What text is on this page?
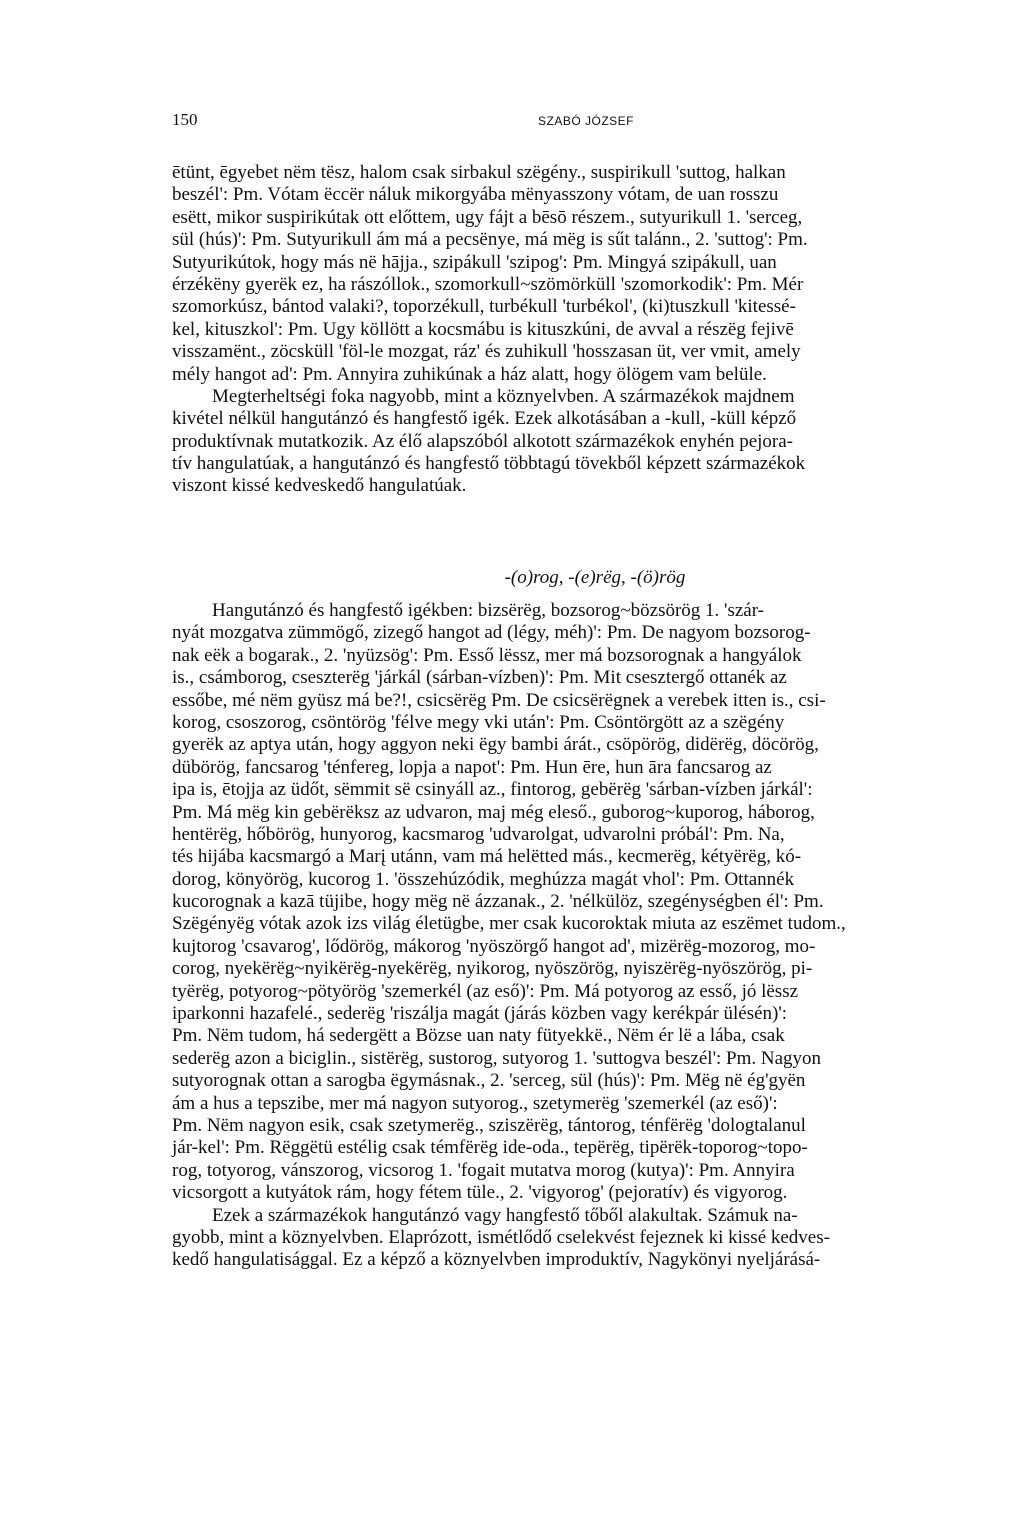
150	SZABÓ JÓZSEF
ētünt, ēgyebet nëm tësz, halom csak sirbakul szëgény., suspirikull 'suttog, halkan
beszél': Pm. Vótam ëccër náluk mikorgyába mënyasszony vótam, de uan rosszu
esëtt, mikor suspirikútak ott előttem, ugy fájt a bēsō részem., sutyurikull 1. 'serceg,
sül (hús)': Pm. Sutyurikull ám má a pecsënye, má mëg is sűt talánn., 2. 'suttog': Pm.
Sutyurikútok, hogy más në hājja., szipákull 'szipog': Pm. Mingyá szipákull, uan
érzékëny gyerëk ez, ha rászóllok., szomorkull~szömörküll 'szomorkodik': Pm. Mér
szomorkúsz, bántod valaki?, toporzékull, turbékull 'turbékol', (ki)tuszkull 'kitessé-
kel, kituszkol': Pm. Ugy köllött a kocsmábu is kituszkúni, de avval a részëg fejivē
visszamënt., zöcsküll 'föl-le mozgat, ráz' és zuhikull 'hosszasan üt, ver vmit, amely
mély hangot ad': Pm. Annyira zuhikúnak a ház alatt, hogy ölögem vam belüle.
Megterheltségi foka nagyobb, mint a köznyelvben. A származékok majdnem
kivétel nélkül hangutánzó és hangfestő igék. Ezek alkotásában a -kull, -küll képző
produktívnak mutatkozik. Az élő alapszóból alkotott származékok enyhén pejora-
tív hangulatúak, a hangutánzó és hangfestő többtagú tövekből képzett származékok
viszont kissé kedveskedő hangulatúak.
-(o)rog, -(e)rëg, -(ö)rög
Hangutánzó és hangfestő igékben: bizsërëg, bozsorog~bözsörög 1. 'szár-
nyát mozgatva zümmögő, zizegő hangot ad (légy, méh)': Pm. De nagyom bozsorog-
nak eëk a bogarak., 2. 'nyüzsög': Pm. Esső lëssz, mer má bozsorognak a hangyálok
is., csámborog, cseszterëg 'járkál (sárban-vízben)': Pm. Mit csesztergő ottanék az
essőbe, mé nëm gyüsz má be?!, csicsërëg Pm. De csicsërëgnek a verebek itten is., csi-
korog, csoszorog, csöntörög 'félve megy vki után': Pm. Csöntörgött az a szëgény
gyerëk az aptya után, hogy aggyon neki ëgy bambi árát., csöpörög, didërëg, döcörög,
dübörög, fancsarog 'ténfereg, lopja a napot': Pm. Hun ēre, hun āra fancsarog az
ipa is, ētojja az üdőt, sëmmit së csinyáll az., fintorog, gebërëg 'sárban-vízben járkál':
Pm. Má mëg kin gebërëksz az udvaron, maj még eleső., guborog~kuporog, háborog,
hentërëg, hőbörög, hunyorog, kacsmarog 'udvarolgat, udvarolni próbál': Pm. Na,
tés hijába kacsmargó a Marį utánn, vam má helëtted más., kecmerëg, kétyërëg, kó-
dorog, könyörög, kucorog 1. 'összehúzódik, meghúzza magát vhol': Pm. Ottannék
kucorognak a kazā tüjibe, hogy mëg në ázzanak., 2. 'nélkülöz, szegénységben él': Pm.
Szëgényëg vótak azok izs világ életügbe, mer csak kucoroktak miuta az eszëmet tudom.,
kujtorog 'csavarog', lődörög, mákorog 'nyöszörgő hangot ad', mizërëg-mozorog, mo-
corog, nyekërëg~nyikërëg-nyekërëg, nyikorog, nyöszörög, nyiszërëg-nyöszörög, pi-
tyërëg, potyorog~pötyörög 'szemerkél (az eső)': Pm. Má potyorog az esső, jó lëssz
iparkonni hazafelé., sederëg 'riszálja magát (járás közben vagy kerékpár ülésén)':
Pm. Nëm tudom, há sedergëtt a Bözse uan naty fütyekkë., Nëm ér lë a lába, csak
sederëg azon a biciglin., sistërëg, sustorog, sutyorog 1. 'suttogva beszél': Pm. Nagyon
sutyorognak ottan a sarogba ëgymásnak., 2. 'serceg, sül (hús)': Pm. Mëg në ég'gyën
ám a hus a tepszibe, mer má nagyon sutyorog., szetymerëg 'szemerkél (az eső)':
Pm. Nëm nagyon esik, csak szetymerëg., sziszërëg, tántorog, ténfërëg 'dologtalanul
jár-kel': Pm. Rëggëtü estélig csak témfërëg ide-oda., tepërëg, tipërëk-toporog~topo-
rog, totyorog, vánszorog, vicsorog 1. 'fogait mutatva morog (kutya)': Pm. Annyira
vicsorgott a kutyátok rám, hogy fétem tüle., 2. 'vigyorog' (pejoratív) és vigyorog.
Ezek a származékok hangutánzó vagy hangfestő tőből alakultak. Számuk na-
gyobb, mint a köznyelvben. Elaprózott, ismétlődő cselekvést fejeznek ki kissé kedves-
kedő hangulatisággal. Ez a képző a köznyelvben improduktív, Nagykönyi nyeljárásá-
